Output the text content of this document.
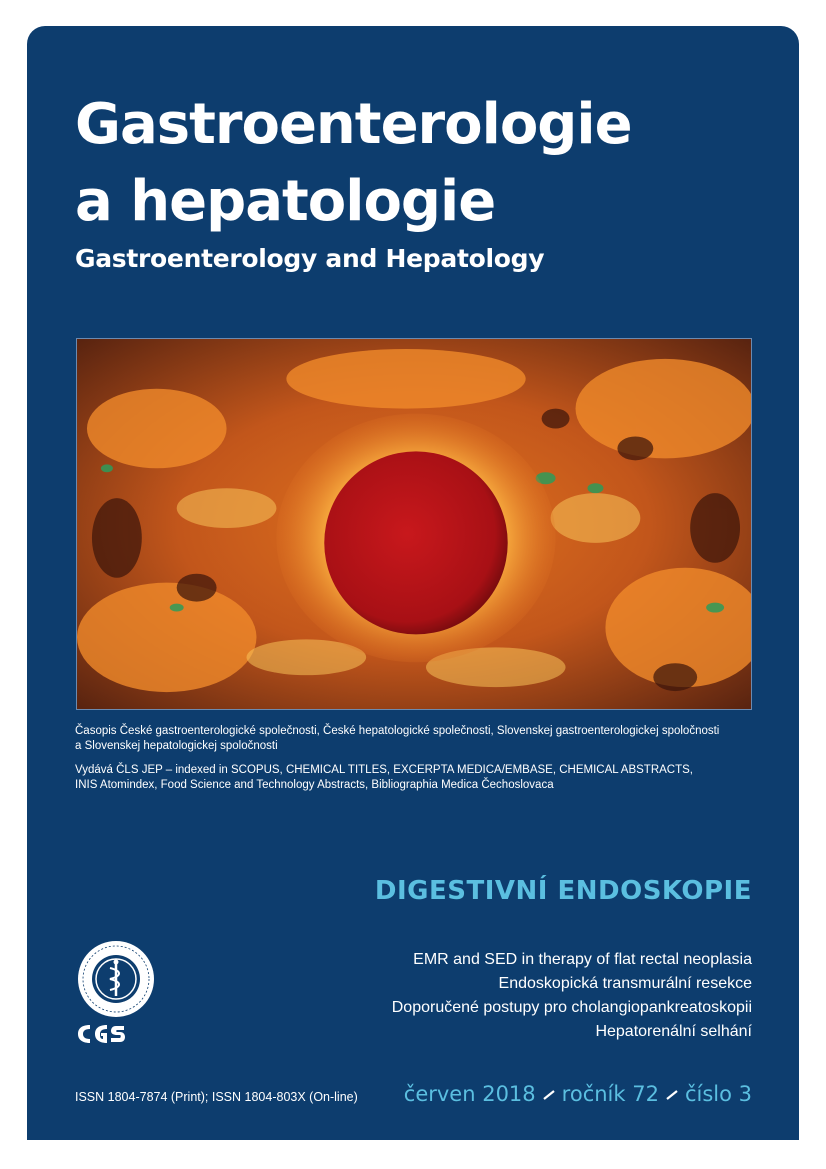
Gastroenterologie
a hepatologie

Gastroenterology and Hepatology

Časopis České gastroenterologické společnosti, České hepatologické společnosti, Slovenskej gastroenterologickej spoločnosti
a Slovenskej hepatologickej spoločnosti

Vydává ČLS JEP – indexed in SCOPUS, CHEMICAL TITLES, EXCERPTA MEDICA/EMBASE, CHEMICAL ABSTRACTS,
INIS Atomindex, Food Science and Technology Abstracts, Bibliographia Medica Čechoslovaca

DIGESTIVNÍ ENDOSKOPIE
EMR and SED in therapy of flat rectal neoplasia
Endoskopická transmurální resekce
Doporučené postupy pro cholangiopankreatoskopii
Hepatorenální selhání
ISSN 1804-7874 (Print); ISSN 1804-803X (On-line) červen 2018 ročník 72 číslo 3
